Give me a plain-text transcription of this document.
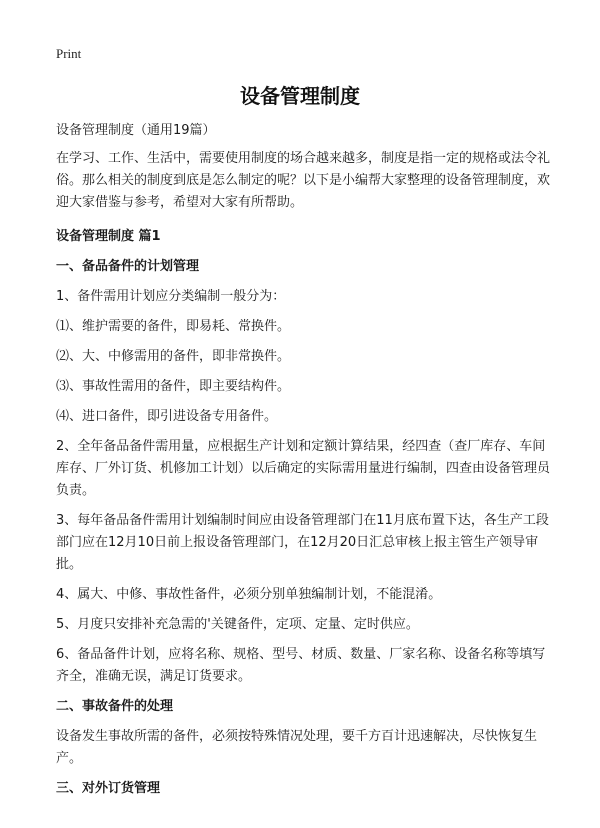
Print
设备管理制度

设备管理制度（通用19篇）

在学习、工作、生活中，需要使用制度的场合越来越多，制度是指一定的规格或法令礼俗。那么相关的制度到底是怎么制定的呢？以下是小编帮大家整理的设备管理制度，欢迎大家借鉴与参考，希望对大家有所帮助。

设备管理制度 篇1

一、备品备件的计划管理

1、备件需用计划应分类编制一般分为：

⑴、维护需要的备件，即易耗、常换件。

⑵、大、中修需用的备件，即非常换件。

⑶、事故性需用的备件，即主要结构件。

⑷、进口备件，即引进设备专用备件。

2、全年备品备件需用量，应根据生产计划和定额计算结果，经四查（查厂库存、车间库存、厂外订货、机修加工计划）以后确定的实际需用量进行编制，四查由设备管理员负责。

3、每年备品备件需用计划编制时间应由设备管理部门在11月底布置下达，各生产工段部门应在12月10日前上报设备管理部门，在12月20日汇总审核上报主管生产领导审批。

4、属大、中修、事故性备件，必须分别单独编制计划，不能混淆。

5、月度只安排补充急需的'关键备件，定项、定量、定时供应。

6、备品备件计划，应将名称、规格、型号、材质、数量、厂家名称、设备名称等填写齐全，准确无误，满足订货要求。

二、事故备件的处理

设备发生事故所需的备件，必须按特殊情况处理，要千方百计迅速解决，尽快恢复生产。

三、对外订货管理
